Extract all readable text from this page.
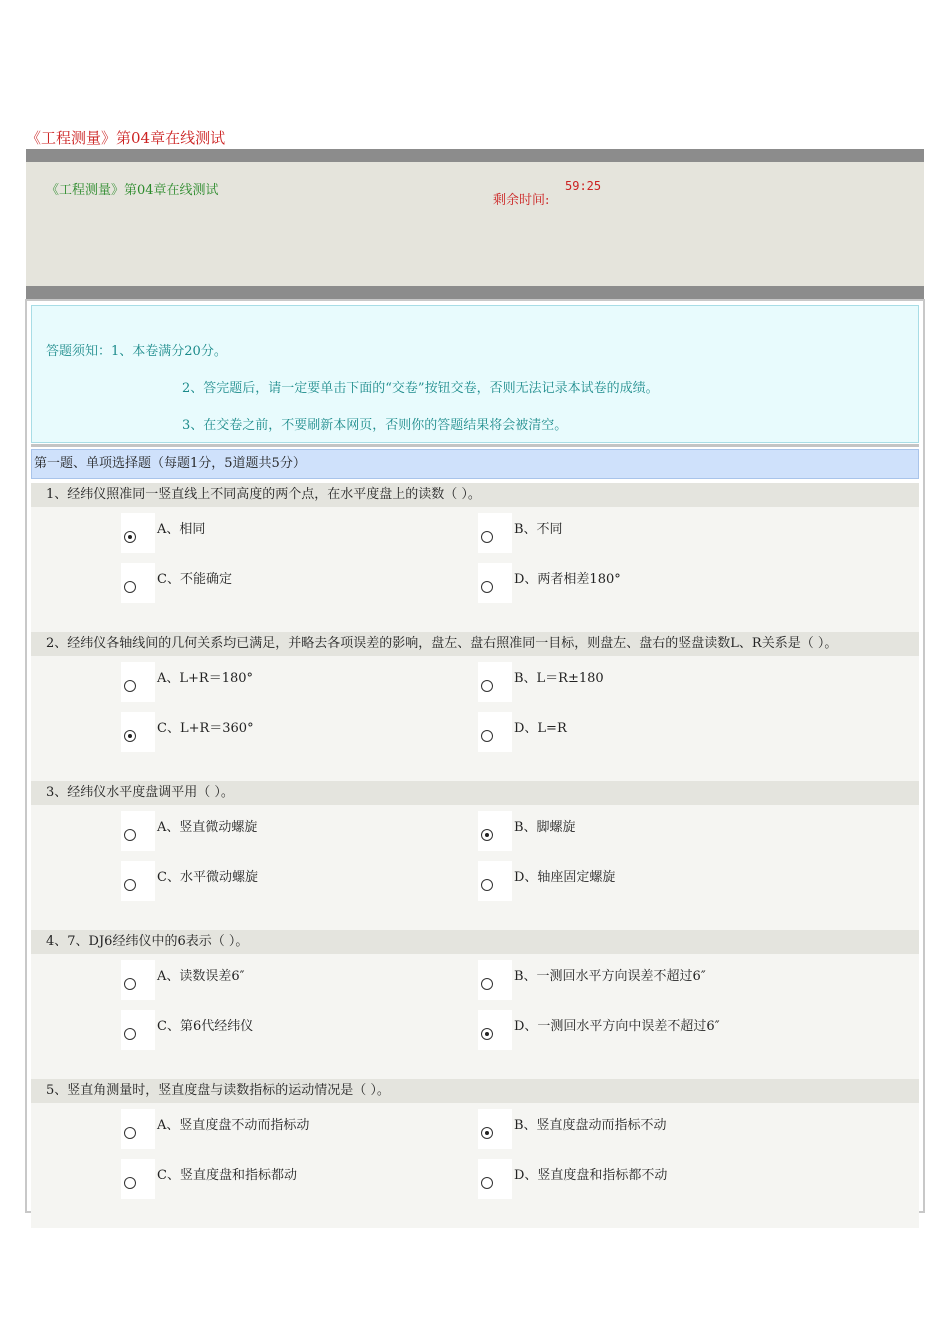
《工程测量》第04章在线测试
《工程测量》第04章在线测试
剩余时间:
59:25
答题须知：1、本卷满分20分。
2、答完题后，请一定要单击下面的“交卷”按钮交卷，否则无法记录本试卷的成绩。
3、在交卷之前，不要刷新本网页，否则你的答题结果将会被清空。
第一题、单项选择题（每题1分，5道题共5分）
1、经纬仪照准同一竖直线上不同高度的两个点，在水平度盘上的读数（ ）。
A、相同	B、不同
C、不能确定	D、两者相差180°
2、经纬仪各轴线间的几何关系均已满足，并略去各项误差的影响，盘左、盘右照准同一目标，则盘左、盘右的竖盘读数L、R关系是（ ）。
A、L+R＝180°	B、L＝R±180
C、L+R＝360°	D、L=R
3、经纬仪水平度盘调平用（ ）。
A、竖直微动螺旋	B、脚螺旋
C、水平微动螺旋	D、轴座固定螺旋
4、7、DJ6经纬仪中的6表示（ ）。
A、读数误差6″	B、一测回水平方向误差不超过6″
C、第6代经纬仪	D、一测回水平方向中误差不超过6″
5、竖直角测量时，竖直度盘与读数指标的运动情况是（ ）。
A、竖直度盘不动而指标动	B、竖直度盘动而指标不动
C、竖直度盘和指标都动	D、竖直度盘和指标都不动
